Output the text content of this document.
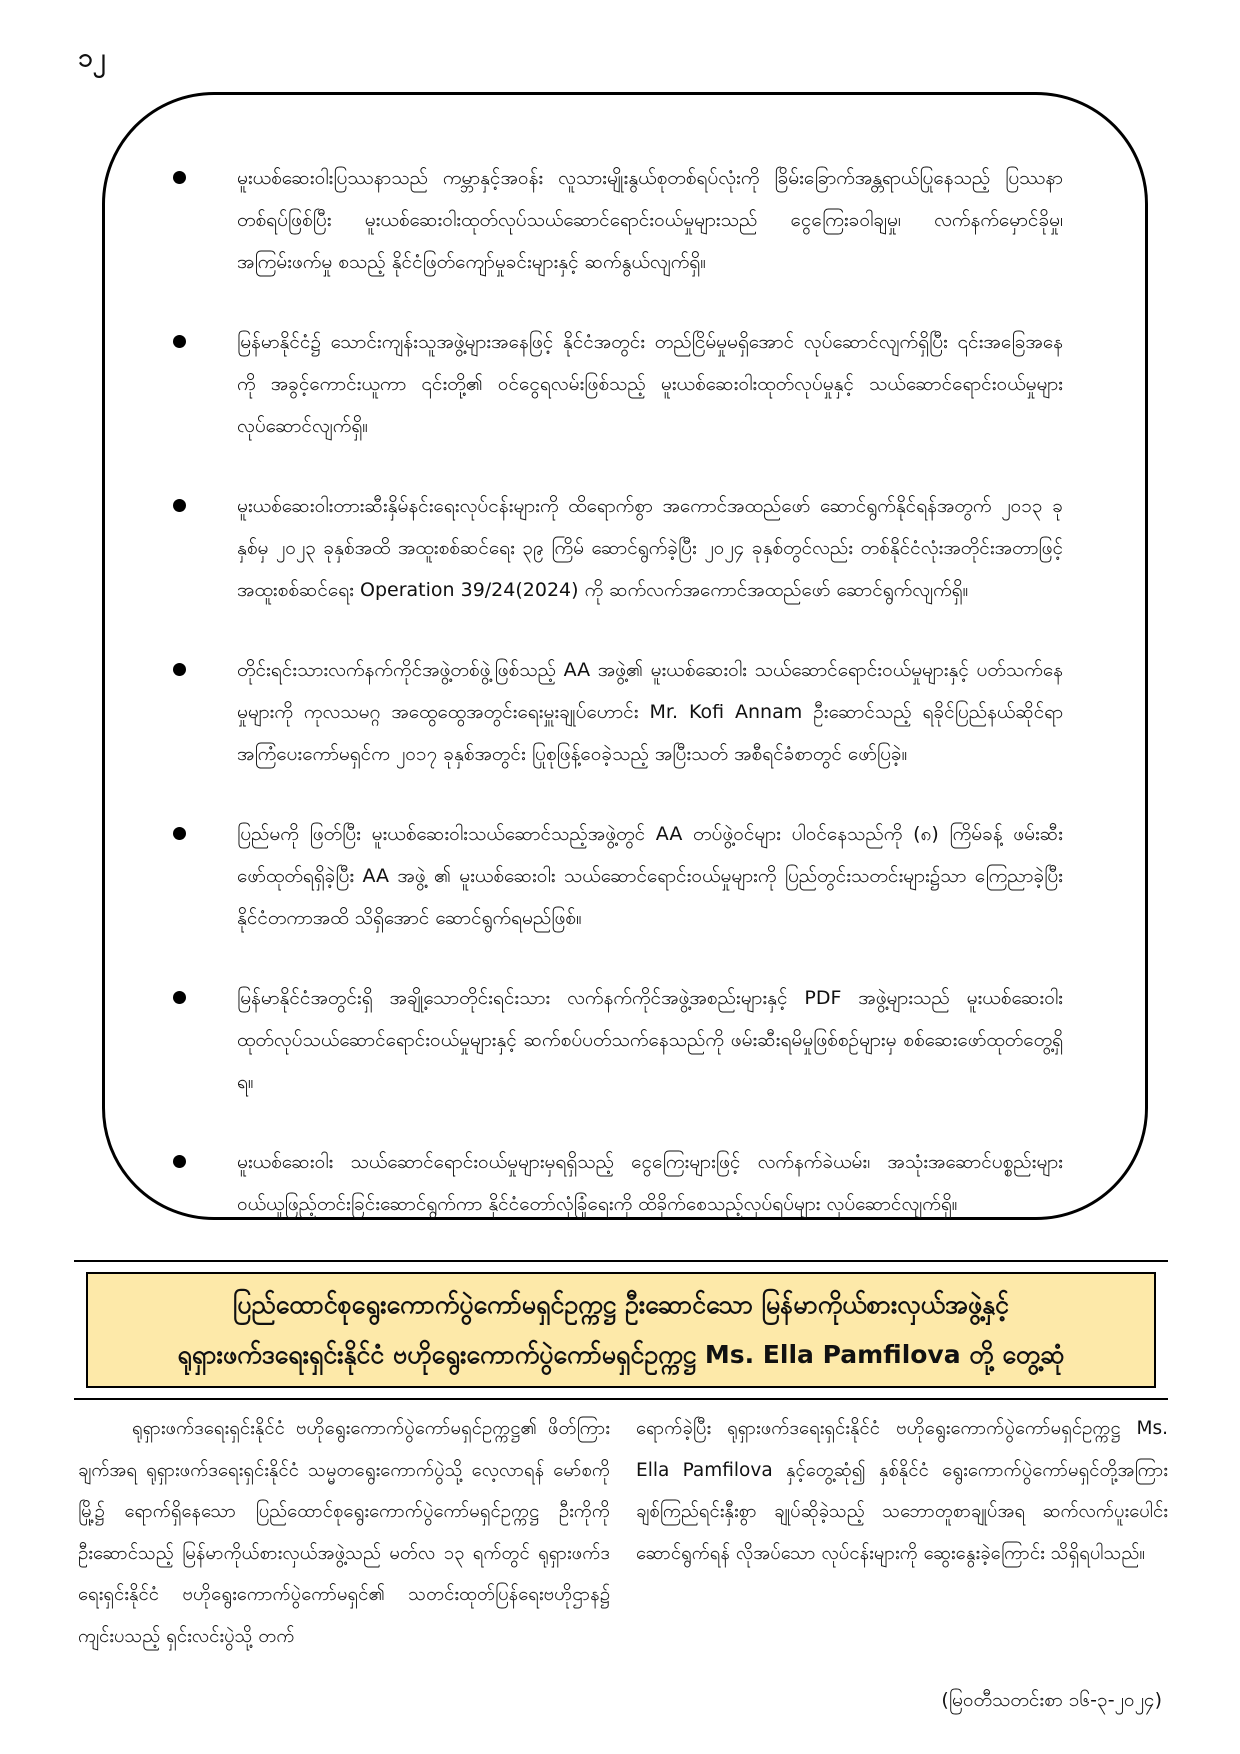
၁၂
မူးယစ်ဆေးဝါးပြဿနာသည် ကမ္ဘာနှင့်အဝန်း လူသားမျိုးနွယ်စုတစ်ရပ်လုံးကို ခြိမ်းခြောက်အန္တရာယ်ပြုနေသည့် ပြဿနာတစ်ရပ်ဖြစ်ပြီး မူးယစ်ဆေးဝါးထုတ်လုပ်သယ်ဆောင်ရောင်းဝယ်မှုများသည် ငွေကြေးခဝါချမှု၊ လက်နက်မှောင်ခိုမှု၊ အကြမ်းဖက်မှု စသည့် နိုင်ငံဖြတ်ကျော်မှုခင်းများနှင့် ဆက်နွယ်လျက်ရှိ။
မြန်မာနိုင်ငံ၌ သောင်းကျန်းသူအဖွဲ့များအနေဖြင့် နိုင်ငံအတွင်း တည်ငြိမ်မှုမရှိအောင် လုပ်ဆောင်လျက်ရှိပြီး ၎င်းအခြေအနေကို အခွင့်ကောင်းယူကာ ၎င်းတို့၏ ဝင်ငွေရလမ်းဖြစ်သည့် မူးယစ်ဆေးဝါးထုတ်လုပ်မှုနှင့် သယ်ဆောင်ရောင်းဝယ်မှုများ လုပ်ဆောင်လျက်ရှိ။
မူးယစ်ဆေးဝါးတားဆီးနှိမ်နင်းရေးလုပ်ငန်းများကို ထိရောက်စွာ အကောင်အထည်ဖော် ဆောင်ရွက်နိုင်ရန်အတွက် ၂၀၁၃ ခုနှစ်မှ ၂၀၂၃ ခုနှစ်အထိ အထူးစစ်ဆင်ရေး ၃၉ ကြိမ် ဆောင်ရွက်ခဲ့ပြီး ၂၀၂၄ ခုနှစ်တွင်လည်း တစ်နိုင်ငံလုံးအတိုင်းအတာဖြင့် အထူးစစ်ဆင်ရေး Operation 39/24(2024) ကို ဆက်လက်အကောင်အထည်ဖော် ဆောင်ရွက်လျက်ရှိ။
တိုင်းရင်းသားလက်နက်ကိုင်အဖွဲ့တစ်ဖွဲ့ဖြစ်သည့် AA အဖွဲ့၏ မူးယစ်ဆေးဝါး သယ်ဆောင်ရောင်းဝယ်မှုများနှင့် ပတ်သက်နေမှုများကို ကုလသမဂ္ဂ အထွေထွေအတွင်းရေးမှူးချုပ်ဟောင်း Mr. Kofi Annam ဦးဆောင်သည့် ရခိုင်ပြည်နယ်ဆိုင်ရာ အကြံပေးကော်မရှင်က ၂၀၁၇ ခုနှစ်အတွင်း ပြုစုဖြန့်ဝေခဲ့သည့် အပြီးသတ် အစီရင်ခံစာတွင် ဖော်ပြခဲ့။
ပြည်မကို ဖြတ်ပြီး မူးယစ်ဆေးဝါးသယ်ဆောင်သည့်အဖွဲ့တွင် AA တပ်ဖွဲ့ဝင်များ ပါဝင်နေသည်ကို (၈) ကြိမ်ခန့် ဖမ်းဆီးဖော်ထုတ်ရရှိခဲ့ပြီး AA အဖွဲ့ ၏ မူးယစ်ဆေးဝါး သယ်ဆောင်ရောင်းဝယ်မှုများကို ပြည်တွင်းသတင်းများ၌သာ ကြေညာခဲ့ပြီး နိုင်ငံတကာအထိ သိရှိအောင် ဆောင်ရွက်ရမည်ဖြစ်။
မြန်မာနိုင်ငံအတွင်းရှိ အချို့သောတိုင်းရင်းသား လက်နက်ကိုင်အဖွဲ့အစည်းများနှင့် PDF အဖွဲ့များသည် မူးယစ်ဆေးဝါး ထုတ်လုပ်သယ်ဆောင်ရောင်းဝယ်မှုများနှင့် ဆက်စပ်ပတ်သက်နေသည်ကို ဖမ်းဆီးရမိမှုဖြစ်စဉ်များမှ စစ်ဆေးဖော်ထုတ်တွေ့ရှိရ။
မူးယစ်ဆေးဝါး သယ်ဆောင်ရောင်းဝယ်မှုများမှရရှိသည့် ငွေကြေးများဖြင့် လက်နက်ခဲယမ်း၊ အသုံးအဆောင်ပစ္စည်းများ ဝယ်ယူဖြည့်တင်းခြင်းဆောင်ရွက်ကာ နိုင်ငံတော်လုံခြုံရေးကို ထိခိုက်စေသည့်လုပ်ရပ်များ လုပ်ဆောင်လျက်ရှိ။
ပြည်ထောင်စုရွေးကောက်ပွဲကော်မရှင်ဥက္ကဋ္ဌ ဦးဆောင်သော မြန်မာကိုယ်စားလှယ်အဖွဲ့နှင့်
ရုရှားဖက်ဒရေးရှင်းနိုင်ငံ ဗဟိုရွေးကောက်ပွဲကော်မရှင်ဥက္ကဋ္ဌ Ms. Ella Pamfilova တို့ တွေ့ဆုံ
ရုရှားဖက်ဒရေးရှင်းနိုင်ငံ ဗဟိုရွေးကောက်ပွဲကော်မရှင်ဥက္ကဋ္ဌ၏ ဖိတ်ကြားချက်အရ ရုရှားဖက်ဒရေးရှင်းနိုင်ငံ သမ္မတရွေးကောက်ပွဲသို့ လေ့လာရန် မော်စကိုမြို့၌ ရောက်ရှိနေသော ပြည်ထောင်စုရွေးကောက်ပွဲကော်မရှင်ဥက္ကဋ္ဌ ဦးကိုကို ဦးဆောင်သည့် မြန်မာကိုယ်စားလှယ်အဖွဲ့သည် မတ်လ ၁၃ ရက်တွင် ရုရှားဖက်ဒရေးရှင်းနိုင်ငံ ဗဟိုရွေးကောက်ပွဲကော်မရှင်၏ သတင်းထုတ်ပြန်ရေးဗဟိုဌာန၌ ကျင်းပသည့် ရှင်းလင်းပွဲသို့ တက်
ရောက်ခဲ့ပြီး ရုရှားဖက်ဒရေးရှင်းနိုင်ငံ ဗဟိုရွေးကောက်ပွဲကော်မရှင်ဥက္ကဋ္ဌ Ms. Ella Pamfilova နှင့်တွေ့ဆုံ၍ နှစ်နိုင်ငံ ရွေးကောက်ပွဲကော်မရှင်တို့အကြား ချစ်ကြည်ရင်းနှီးစွာ ချုပ်ဆိုခဲ့သည့် သဘောတူစာချုပ်အရ ဆက်လက်ပူးပေါင်းဆောင်ရွက်ရန် လိုအပ်သော လုပ်ငန်းများကို ဆွေးနွေးခဲ့ကြောင်း သိရှိရပါသည်။
(မြဝတီသတင်းစာ ၁၆-၃-၂၀၂၄)
